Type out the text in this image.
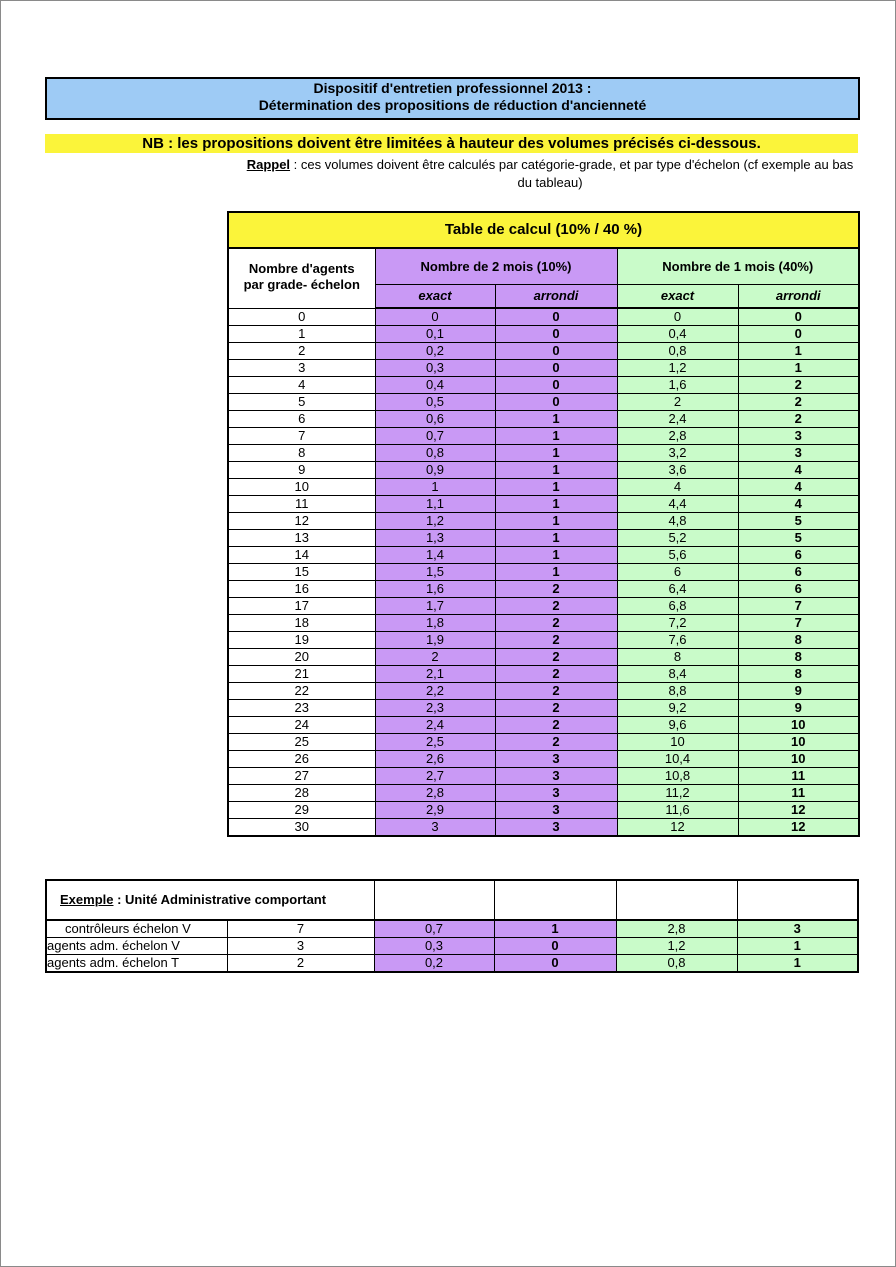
Dispositif d'entretien professionnel 2013 :
Détermination des propositions de réduction d'ancienneté
NB : les propositions doivent être limitées à hauteur des volumes précisés ci-dessous.
Rappel : ces volumes doivent être calculés par catégorie-grade, et par type d'échelon (cf exemple au bas du tableau)
Table de calcul (10% / 40 %)				

Nombre d'agents
par grade- échelon	Nombre de 2 mois (10%)		Nombre de 1 mois (40%)	
	exact	arrondi	exact	arrondi
0	0	0	0	0
1	0,1	0	0,4	0
2	0,2	0	0,8	1
3	0,3	0	1,2	1
4	0,4	0	1,6	2
5	0,5	0	2	2
6	0,6	1	2,4	2
7	0,7	1	2,8	3
8	0,8	1	3,2	3
9	0,9	1	3,6	4
10	1	1	4	4
11	1,1	1	4,4	4
12	1,2	1	4,8	5
13	1,3	1	5,2	5
14	1,4	1	5,6	6
15	1,5	1	6	6
16	1,6	2	6,4	6
17	1,7	2	6,8	7
18	1,8	2	7,2	7
19	1,9	2	7,6	8
20	2	2	8	8
21	2,1	2	8,4	8
22	2,2	2	8,8	9
23	2,3	2	9,2	9
24	2,4	2	9,6	10
25	2,5	2	10	10
26	2,6	3	10,4	10
27	2,7	3	10,8	11
28	2,8	3	11,2	11
29	2,9	3	11,6	12
30	3	3	12	12
Exemple : Unité Administrative comportant					
contrôleurs échelon V	7	0,7	1	2,8	3
agents adm. échelon V	3	0,3	0	1,2	1
agents adm. échelon T	2	0,2	0	0,8	1
